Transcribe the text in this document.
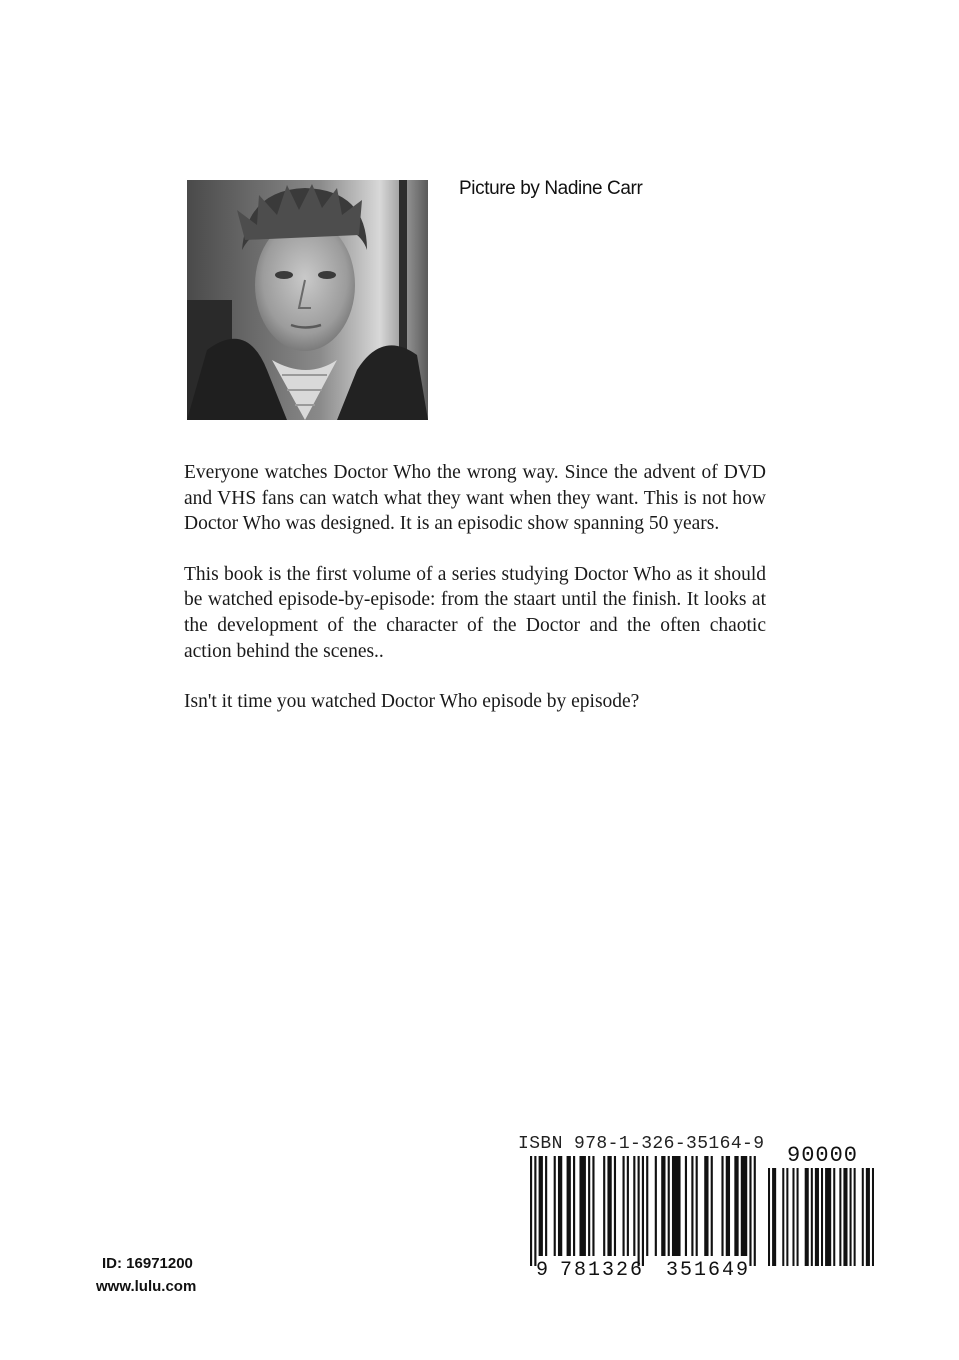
Picture by Nadine Carr

Everyone watches Doctor Who the wrong way. Since the advent of DVD and VHS fans can watch what they want when they want. This is not how Doctor Who was designed. It is an episodic show spanning 50 years.

This book is the first volume of a series studying Doctor Who as it should be watched episode-by-episode: from the staart until the finish. It looks at the development of the character of the Doctor and the often chaotic action behind the scenes..

Isn't it time you watched Doctor Who episode by episode?

ID: 16971200
www.lulu.com
ISBN 978-1-326-35164-9
9 781326 351649
90000
